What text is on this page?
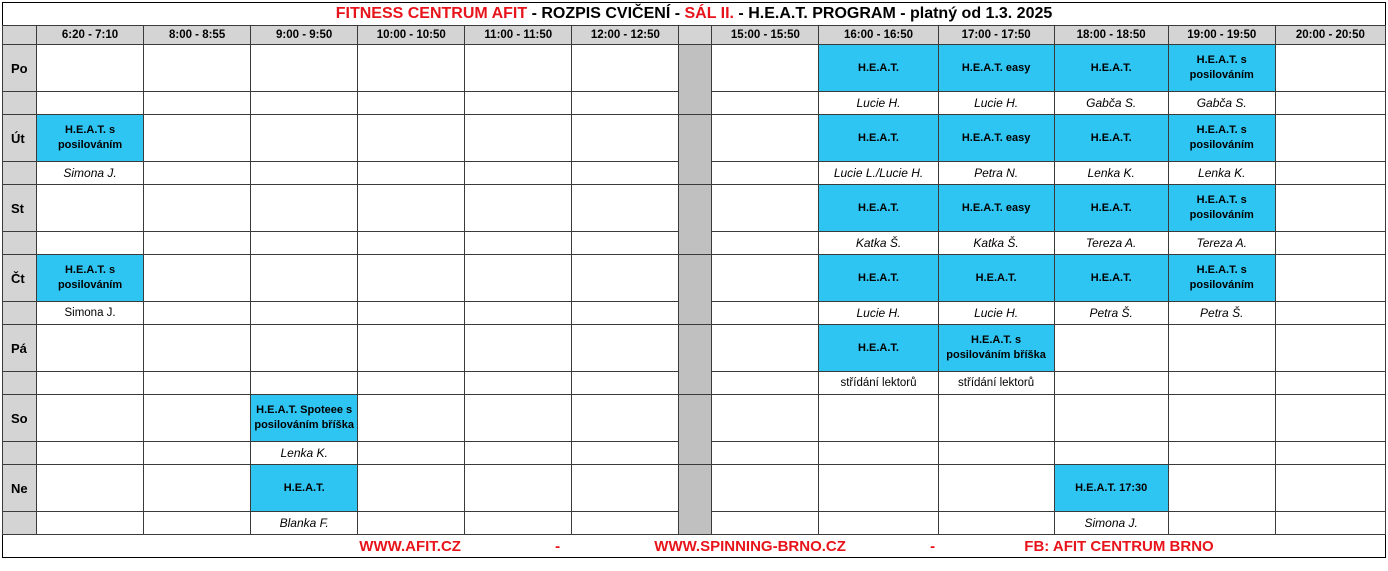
FITNESS CENTRUM AFIT - ROZPIS CVIČENÍ - SÁL II. - H.E.A.T. PROGRAM - platný od 1.3. 2025													
	6:20 - 7:10	8:00 - 8:55	9:00 - 9:50	10:00 - 10:50	11:00 - 11:50	12:00 - 12:50		15:00 - 15:50	16:00 - 16:50	17:00 - 17:50	18:00 - 18:50	19:00 - 19:50	20:00 - 20:50
Po									H.E.A.T.	H.E.A.T. easy	H.E.A.T.	H.E.A.T. s posilováním	
									Lucie H.	Lucie H.	Gabča S.	Gabča S.	
Út	H.E.A.T. s posilováním								H.E.A.T.	H.E.A.T. easy	H.E.A.T.	H.E.A.T. s posilováním	
	Simona J.								Lucie L./Lucie H.	Petra N.	Lenka K.	Lenka K.	
St									H.E.A.T.	H.E.A.T. easy	H.E.A.T.	H.E.A.T. s posilováním	
									Katka Š.	Katka Š.	Tereza A.	Tereza A.	
Čt	H.E.A.T. s posilováním								H.E.A.T.	H.E.A.T.	H.E.A.T.	H.E.A.T. s posilováním	
	Simona J.								Lucie H.	Lucie H.	Petra Š.	Petra Š.	
Pá									H.E.A.T.	H.E.A.T. s posilováním bříška			
									střídání lektorů	střídání lektorů			
So			H.E.A.T. Spoteee s posilováním bříška										
			Lenka K.										
Ne			H.E.A.T.								H.E.A.T. 17:30		
			Blanka F.								Simona J.		
WWW.AFIT.CZ - WWW.SPINNING-BRNO.CZ - FB: AFIT CENTRUM BRNO													
